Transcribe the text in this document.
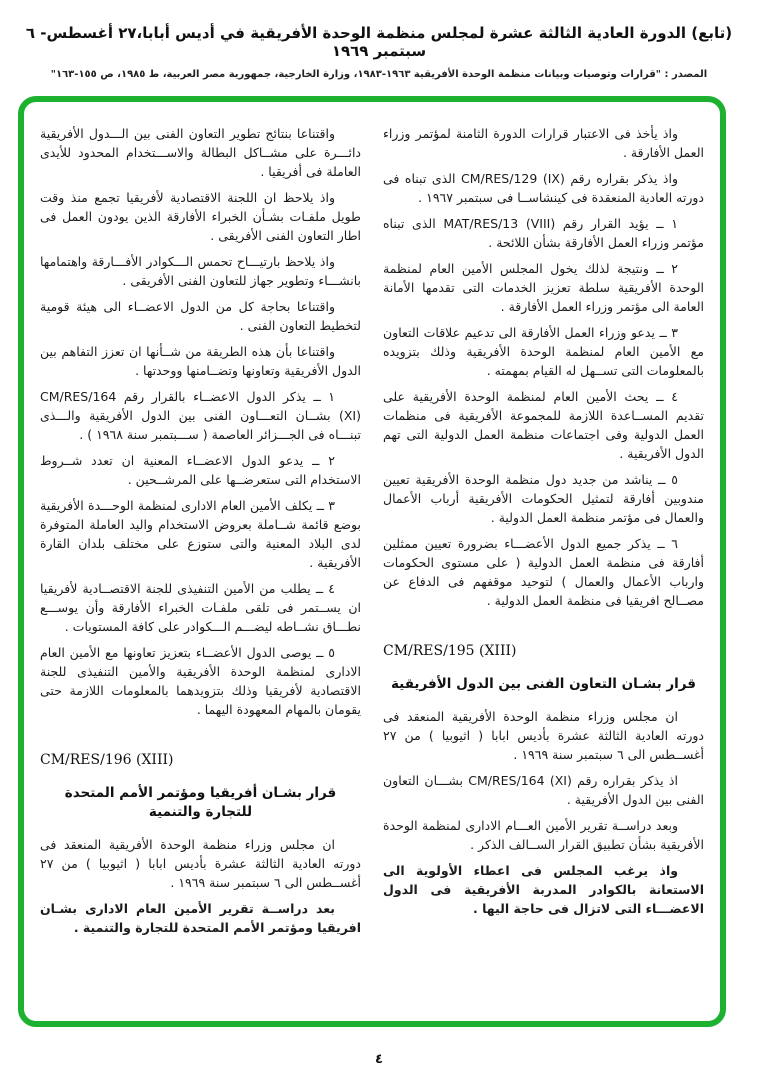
(تابع) الدورة العادية الثالثة عشرة لمجلس منظمة الوحدة الأفريقية في أديس أبابا،٢٧ أغسطس- ٦ سبتمبر ١٩٦٩
المصدر : "قرارات وتوصيات وبيانات منظمة الوحدة الأفريقية ١٩٦٣-١٩٨٣، وزارة الخارجية، جمهورية مصر العربية، ط ١٩٨٥، ص ١٥٥-١٦٣"

واذ يأخذ فى الاعتبار قرارات الدورة الثامنة لمؤتمر وزراء العمل الأفارقة .

واذ يذكر بقراره رقم CM/RES/129 (IX) الذى تبناه فى دورته العادية المنعقدة فى كينشاســا فى سبتمبر ١٩٦٧ .

١ ــ يؤيد القرار رقم MAT/RES/13 (VIII) الذى تبناه مؤتمر وزراء العمل الأفارقة بشأن اللائحة .

٢ ــ ونتيجة لذلك يخول المجلس الأمين العام لمنظمة الوحدة الأفريقية سلطة تعزيز الخدمات التى تقدمها الأمانة العامة الى مؤتمر وزراء العمل الأفارقة .

٣ ــ يدعو وزراء العمل الأفارقة الى تدعيم علاقات التعاون مع الأمين العام لمنظمة الوحدة الأفريقية وذلك بتزويده بالمعلومات التى تســهل له القيام بمهمته .

٤ ــ يحث الأمين العام لمنظمة الوحدة الأفريقية على تقديم المســاعدة اللازمة للمجموعة الأفريقية فى منظمات العمل الدولية وفى اجتماعات منظمة العمل الدولية التى تهم الدول الأفريقية .

٥ ــ يناشد من جديد دول منظمة الوحدة الأفريقية تعيين مندوبين أفارقة لتمثيل الحكومات الأفريقية أرباب الأعمال والعمال فى مؤتمر منظمة العمل الدولية .

٦ ــ يذكر جميع الدول الأعضـــاء بضرورة تعيين ممثلين أفارقة فى منظمة العمل الدولية ( على مستوى الحكومات وارباب الأعمال والعمال ) لتوحيد موقفهم فى الدفاع عن مصــالح افريقيا فى منظمة العمل الدولية .

CM/RES/195 (XIII)

قرار بشـان التعاون الفنى بين الدول الأفريقية

ان مجلس وزراء منظمة الوحدة الأفريقية المنعقد فى دورته العادية الثالثة عشرة بأديس ابابا ( اثيوبيا ) من ٢٧ أغســطس الى ٦ سبتمبر سنة ١٩٦٩ .

اذ يذكر بقراره رقم CM/RES/164 (XI) بشـــان التعاون الفنى بين الدول الأفريقية .

وبعد دراســة تقرير الأمين العـــام الادارى لمنظمة الوحدة الأفريقية بشأن تطبيق القرار الســالف الذكر .

واذ يرغب المجلس فى اعطاء الأولوية الى الاستعانة بالكوادر المدربة الأفريقية فى الدول الاعضـــاء التى لاتزال فى حاجة اليها .

واقتناعا بنتائج تطوير التعاون الفنى بين الـــدول الأفريقية دائـــرة على مشــاكل البطالة والاســـتخدام المحدود للأيدى العاملة فى أفريقيا .

واذ يلاحظ ان اللجنة الاقتصادية لأفريقيا تجمع منذ وقت طويل ملفـات بشـأن الخبراء الأفارقة الذين يودون العمل فى اطار التعاون الفنى الأفريقى .

واذ يلاحظ بارتيـــاح تحمس الـــكوادر الأفـــارقة واهتمامها بانشـــاء وتطوير جهاز للتعاون الفنى الأفريقى .

واقتناعا بحاجة كل من الدول الاعضــاء الى هيئة قومية لتخطيط التعاون الفنى .

واقتناعا بأن هذه الطريقة من شــأنها ان تعزز التفاهم بين الدول الأفريقية وتعاونها وتضــامنها ووحدتها .

١ ــ يذكر الدول الاعضــاء بالقرار رقم CM/RES/164 (XI) بشــان التعـــاون الفنى بين الدول الأفريقية والـــذى تبنـــاه فى الجـــزائر العاصمة ( ســـبتمبر سنة ١٩٦٨ ) .

٢ ــ يدعو الدول الاعضــاء المعنية ان تعدد شــروط الاستخدام التى ستعرضــها على المرشــحين .

٣ ــ يكلف الأمين العام الادارى لمنظمة الوحـــدة الأفريقية بوضع قائمة شــاملة بعروض الاستخدام واليد العاملة المتوفرة لدى البلاد المعنية والتى ستوزع على مختلف بلدان القارة الأفريقية .

٤ ــ يطلب من الأمين التنفيذى للجنة الاقتصــادية لأفريقيا ان يســتمر فى تلقى ملفـات الخبراء الأفارقة وأن يوســـع نطـــاق نشــاطه ليضـــم الـــكوادر على كافة المستويات .

٥ ــ يوصى الدول الأعضــاء بتعزيز تعاونها مع الأمين العام الادارى لمنظمة الوحدة الأفريقية والأمين التنفيذى للجنة الاقتصادية لأفريقيا وذلك بتزويدهما بالمعلومات اللازمة حتى يقومان بالمهام المعهودة اليهما .

CM/RES/196 (XIII)

قرار بشـان أفريقيا ومؤتمر الأمم المتحدة للتجارة والتنمية

ان مجلس وزراء منظمة الوحدة الأفريقية المنعقد فى دورته العادية الثالثة عشرة بأديس ابابا ( اثيوبيا ) من ٢٧ أغســطس الى ٦ سبتمبر سنة ١٩٦٩ .

بعد دراســة تقرير الأمين العام الادارى بشـان افريقيا ومؤتمر الأمم المتحدة للتجارة والتنمية .

٤
